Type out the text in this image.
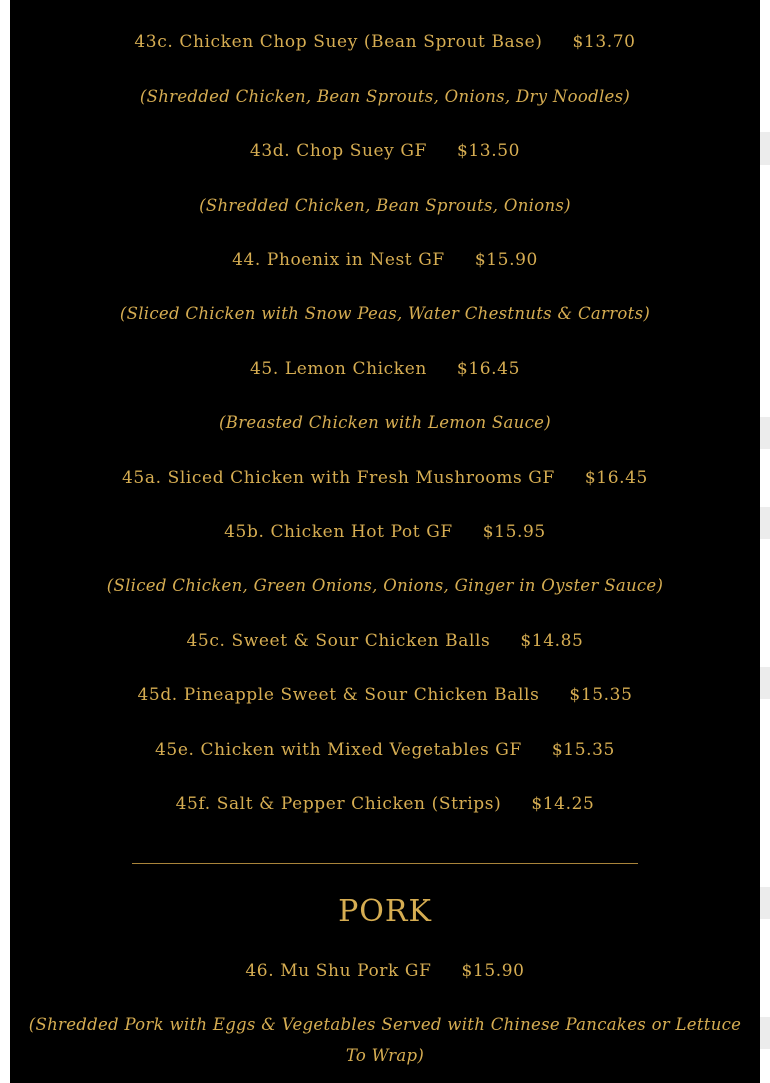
43c. Chicken Chop Suey (Bean Sprout Base) $13.70
(Shredded Chicken, Bean Sprouts, Onions, Dry Noodles)
43d. Chop Suey GF $13.50
(Shredded Chicken, Bean Sprouts, Onions)
44. Phoenix in Nest GF $15.90
(Sliced Chicken with Snow Peas, Water Chestnuts & Carrots)
45. Lemon Chicken $16.45
(Breasted Chicken with Lemon Sauce)
45a. Sliced Chicken with Fresh Mushrooms GF $16.45
45b. Chicken Hot Pot GF $15.95
(Sliced Chicken, Green Onions, Onions, Ginger in Oyster Sauce)
45c. Sweet & Sour Chicken Balls $14.85
45d. Pineapple Sweet & Sour Chicken Balls $15.35
45e. Chicken with Mixed Vegetables GF $15.35
45f. Salt & Pepper Chicken (Strips) $14.25
PORK
46. Mu Shu Pork GF $15.90
(Shredded Pork with Eggs & Vegetables Served with Chinese Pancakes or Lettuce To Wrap)
